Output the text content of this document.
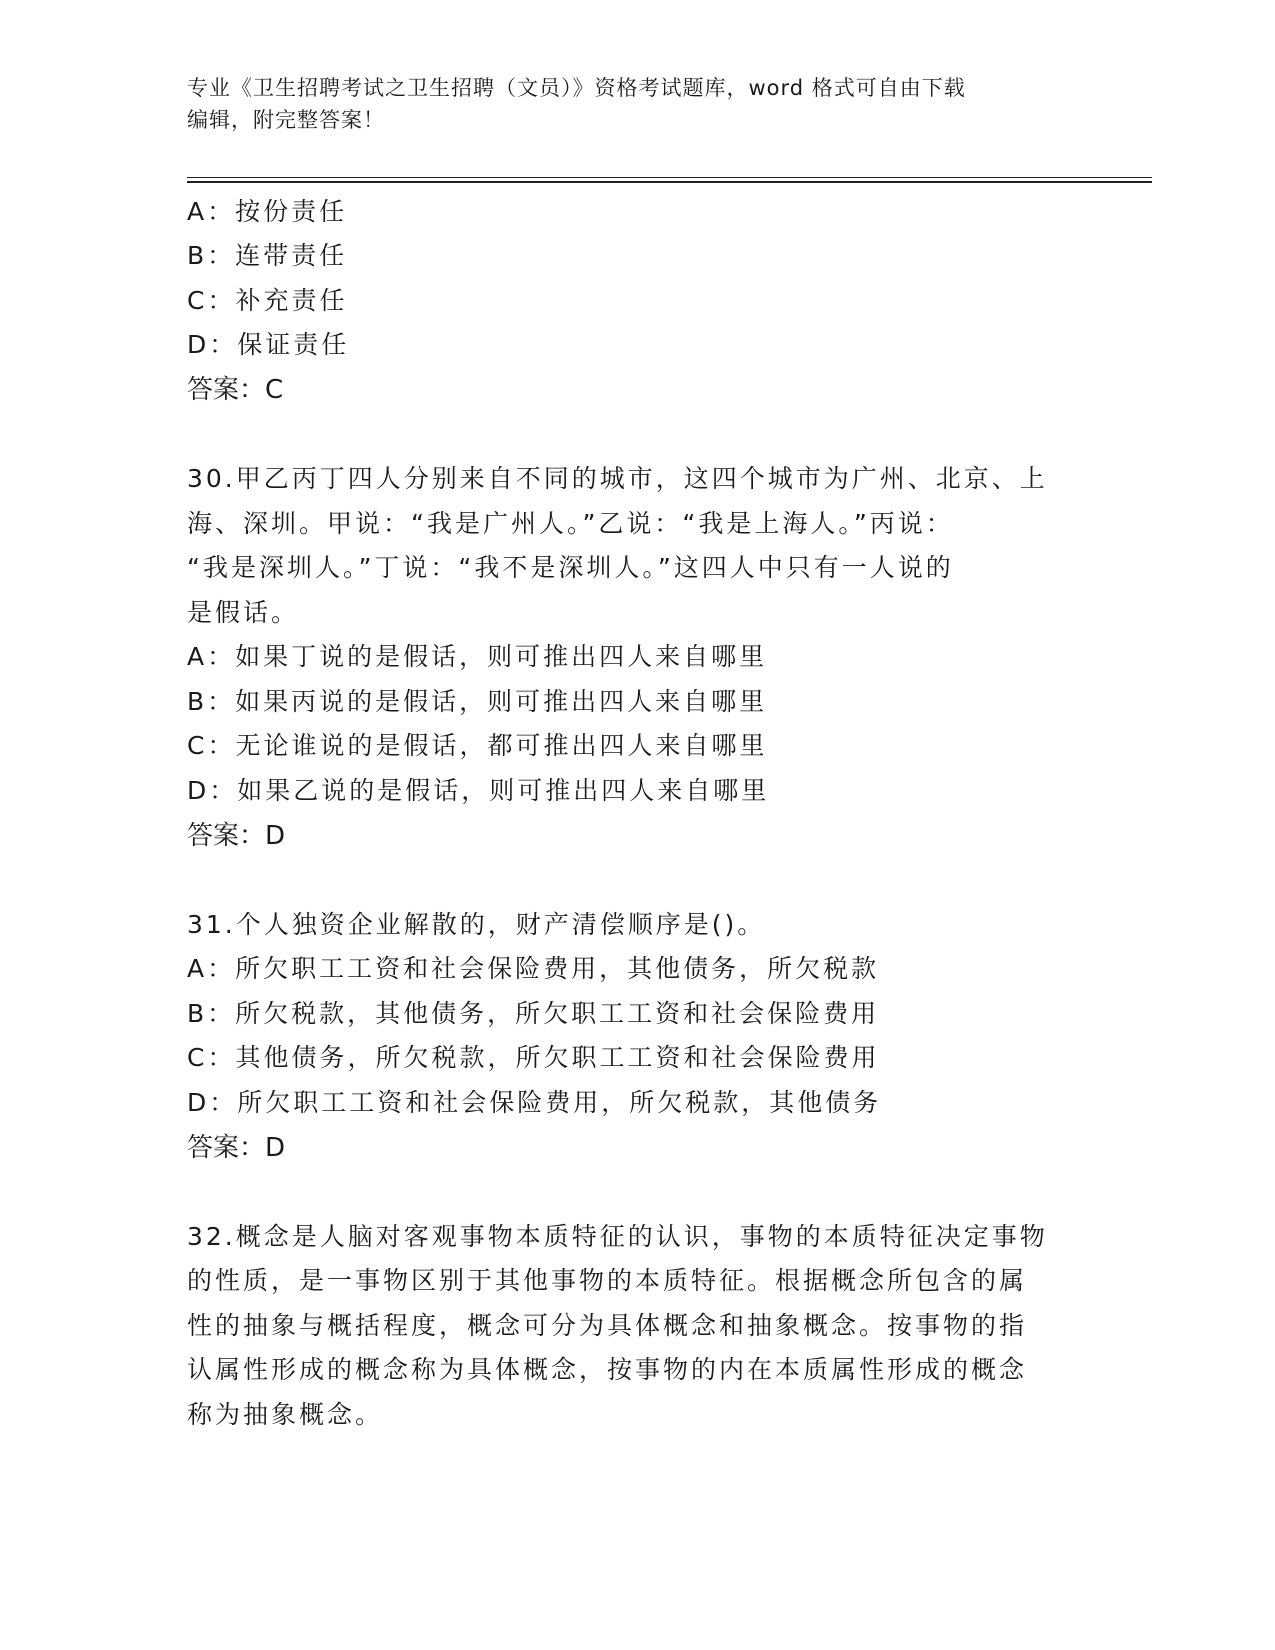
专业《卫生招聘考试之卫生招聘（文员）》资格考试题库，word 格式可自由下载
编辑，附完整答案！
A：按份责任
B：连带责任
C：补充责任
D：保证责任
答案：C
30.甲乙丙丁四人分别来自不同的城市，这四个城市为广州、北京、上
海、深圳。甲说：“我是广州人。”乙说：“我是上海人。”丙说：
“我是深圳人。”丁说：“我不是深圳人。”这四人中只有一人说的
是假话。
A：如果丁说的是假话，则可推出四人来自哪里
B：如果丙说的是假话，则可推出四人来自哪里
C：无论谁说的是假话，都可推出四人来自哪里
D：如果乙说的是假话，则可推出四人来自哪里
答案：D
31.个人独资企业解散的，财产清偿顺序是()。
A：所欠职工工资和社会保险费用，其他债务，所欠税款
B：所欠税款，其他债务，所欠职工工资和社会保险费用
C：其他债务，所欠税款，所欠职工工资和社会保险费用
D：所欠职工工资和社会保险费用，所欠税款，其他债务
答案：D
32.概念是人脑对客观事物本质特征的认识，事物的本质特征决定事物
的性质，是一事物区别于其他事物的本质特征。根据概念所包含的属
性的抽象与概括程度，概念可分为具体概念和抽象概念。按事物的指
认属性形成的概念称为具体概念，按事物的内在本质属性形成的概念
称为抽象概念。
